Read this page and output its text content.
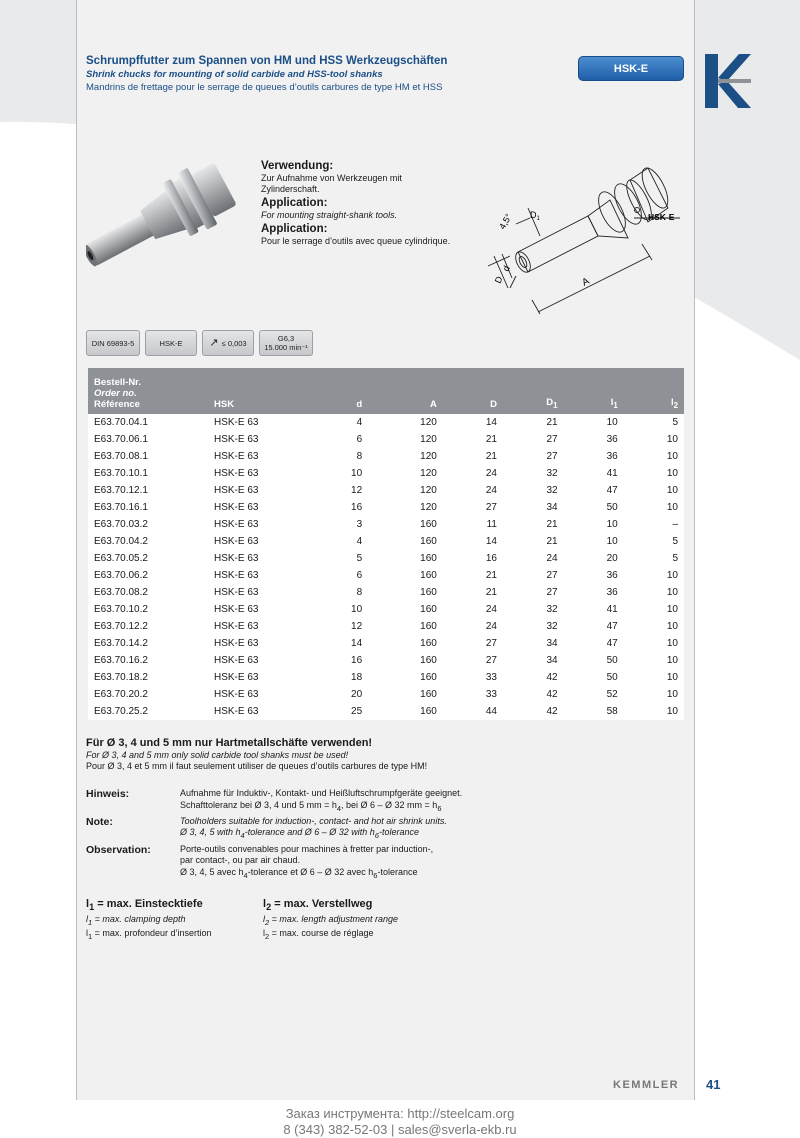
Schrumpffutter zum Spannen von HM und HSS Werkzeugschäften
Shrink chucks for mounting of solid carbide and HSS-tool shanks
Mandrins de frettage pour le serrage de queues d’outils carbures de type HM et HSS
HSK-E
Verwendung:
Zur Aufnahme von Werkzeugen mit Zylinderschaft.
Application:
For mounting straight-shank tools.
Application:
Pour le serrage d’outils avec queue cylindrique.
4,5° $D_1$	HSK-E
d
D	A
DIN 69893-5	HSK-E ↗ ≤ 0,003	G6,3
15.000 min⁻¹
Bestell-Nr.
Order no.
Référence	HSK	d	A	D	$D_1$	$l_1$	$l_2$
E63.70.04.1	HSK-E 63	4	120	14	21	10	5
E63.70.06.1	HSK-E 63	6	120	21	27	36	10
E63.70.08.1	HSK-E 63	8	120	21	27	36	10
E63.70.10.1	HSK-E 63	10	120	24	32	41	10
E63.70.12.1	HSK-E 63	12	120	24	32	47	10
E63.70.16.1	HSK-E 63	16	120	27	34	50	10
E63.70.03.2	HSK-E 63	3	160	11	21	10	–
E63.70.04.2	HSK-E 63	4	160	14	21	10	5
E63.70.05.2	HSK-E 63	5	160	16	24	20	5
E63.70.06.2	HSK-E 63	6	160	21	27	36	10
E63.70.08.2	HSK-E 63	8	160	21	27	36	10
E63.70.10.2	HSK-E 63	10	160	24	32	41	10
E63.70.12.2	HSK-E 63	12	160	24	32	47	10
E63.70.14.2	HSK-E 63	14	160	27	34	47	10
E63.70.16.2	HSK-E 63	16	160	27	34	50	10
E63.70.18.2	HSK-E 63	18	160	33	42	50	10
E63.70.20.2	HSK-E 63	20	160	33	42	52	10
E63.70.25.2	HSK-E 63	25	160	44	42	58	10
Für Ø 3, 4 und 5 mm nur Hartmetallschäfte verwenden!
For Ø 3, 4 and 5 mm only solid carbide tool shanks must be used!
Pour Ø 3, 4 et 5 mm il faut seulement utiliser de queues d’outils carbures de type HM!
Hinweis:	Aufnahme für Induktiv-, Kontakt- und Heißluftschrumpfgeräte geeignet.
Schafttoleranz bei Ø 3, 4 und 5 mm = $h_4$, bei Ø 6 – Ø 32 mm = $h_6$
Note:	Toolholders suitable for induction-, contact- and hot air shrink units.
Ø 3, 4, 5 with $h_4$-tolerance and Ø 6 – Ø 32 with $h_6$-tolerance
Observation:	Porte-outils convenables pour machines à fretter par induction-,
par contact-, ou par air chaud.
Ø 3, 4, 5 avec $h_4$-tolerance et Ø 6 – Ø 32 avec $h_6$-tolerance
$l_1 = \max$. Einstecktiefe
$l_1 = \max$. clamping depth
$l_1 = \max$. profondeur d’insertion
$l_2 = \max$. Verstellweg
$l_2 = \max$. length adjustment range
$l_2 = \max$. course de réglage
KEMMLER 41
Заказ инструмента: http://steelcam.org
8 (343) 382-52-03 | sales@sverla-ekb.ru
